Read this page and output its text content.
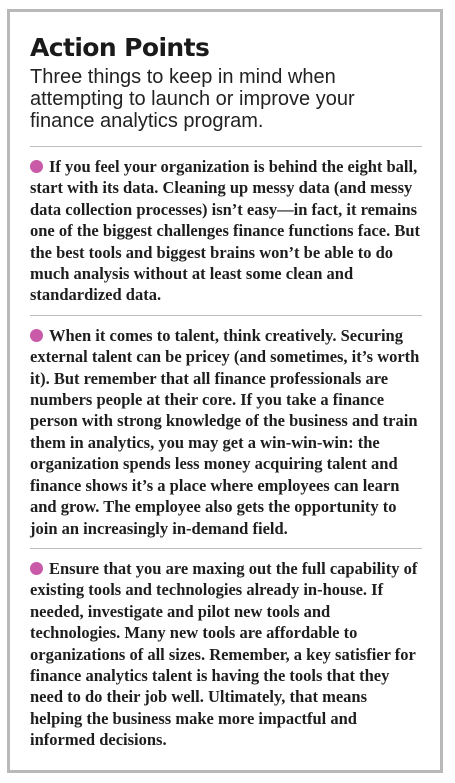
Action Points

Three things to keep in mind when attempting to launch or improve your finance analytics program.

If you feel your organization is behind the eight ball, start with its data. Cleaning up messy data (and messy data collection processes) isn’t easy—in fact, it remains one of the biggest challenges finance functions face. But the best tools and biggest brains won’t be able to do much analysis without at least some clean and standardized data.

When it comes to talent, think creatively. Securing external talent can be pricey (and sometimes, it’s worth it). But remember that all finance professionals are numbers people at their core. If you take a finance person with strong knowledge of the business and train them in analytics, you may get a win-win-win: the organization spends less money acquiring talent and finance shows it’s a place where employees can learn and grow. The employee also gets the opportunity to join an increasingly in-demand field.

Ensure that you are maxing out the full capability of existing tools and technologies already in-house. If needed, investigate and pilot new tools and technologies. Many new tools are affordable to organizations of all sizes. Remember, a key satisfier for finance analytics talent is having the tools that they need to do their job well. Ultimately, that means helping the business make more impactful and informed decisions.
